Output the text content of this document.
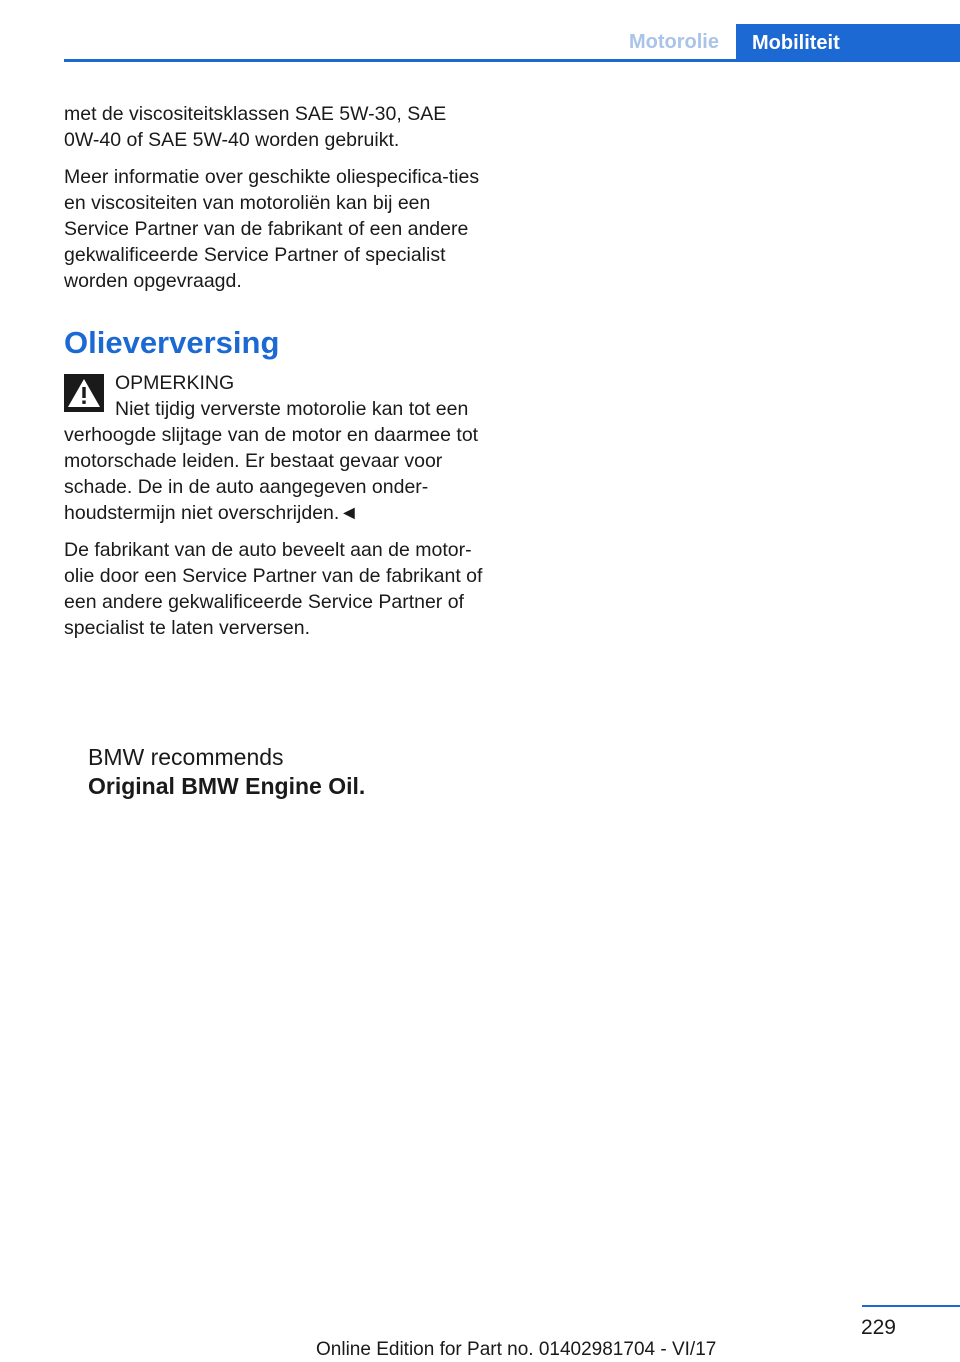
Motorolie	Mobiliteit

met de viscositeitsklassen SAE 5W-30, SAE 0W-40 of SAE 5W-40 worden gebruikt.

Meer informatie over geschikte oliespecifica-ties en viscositeiten van motoroliën kan bij een Service Partner van de fabrikant of een andere gekwalificeerde Service Partner of specialist worden opgevraagd.

Olieverversing

OPMERKING

Niet tijdig ververste motorolie kan tot een verhoogde slijtage van de motor en daarmee tot motorschade leiden. Er bestaat gevaar voor schade. De in de auto aangegeven onder-houdstermijn niet overschrijden.◄

De fabrikant van de auto beveelt aan de motor-olie door een Service Partner van de fabrikant of een andere gekwalificeerde Service Partner of specialist te laten verversen.

BMW recommends
Original BMW Engine Oil.
229
Online Edition for Part no. 01402981704 - VI/17
